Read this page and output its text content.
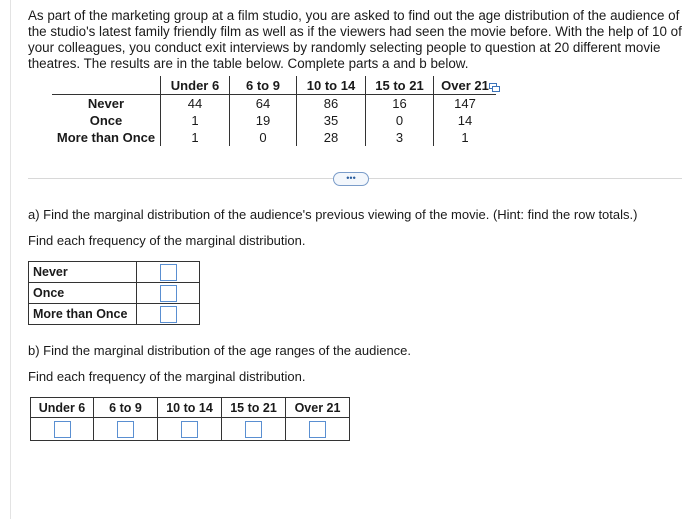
As part of the marketing group at a film studio, you are asked to find out the age distribution of the audience of the studio's latest family friendly film as well as if the viewers had seen the movie before. With the help of 10 of your colleagues, you conduct exit interviews by randomly selecting people to question at 20 different movie theatres. The results are in the table below. Complete parts a and b below.
	Under 6	6 to 9	10 to 14	15 to 21	Over 21
Never	44	64	86	16	147
Once	1	19	35	0	14
More than Once	1	0	28	3	1
•••
a) Find the marginal distribution of the audience's previous viewing of the movie. (Hint: find the row totals.)
Find each frequency of the marginal distribution.
Never	
Once	
More than Once	
b) Find the marginal distribution of the age ranges of the audience.
Find each frequency of the marginal distribution.
Under 6	6 to 9	10 to 14	15 to 21	Over 21
